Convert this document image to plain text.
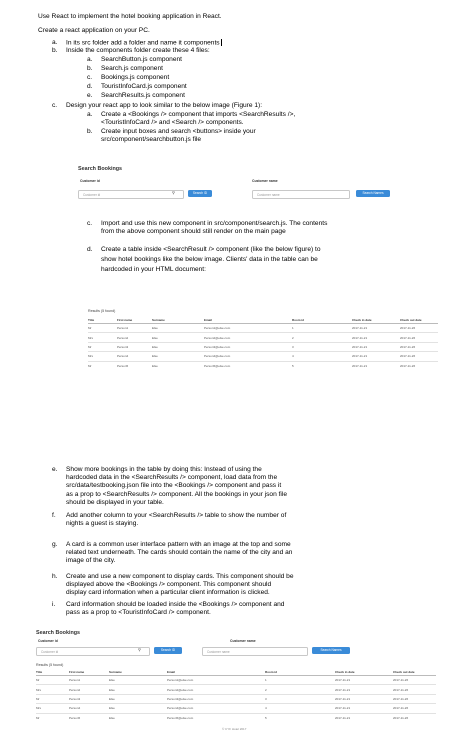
Use React to implement the hotel booking application in React.
Create a react application on your PC.
a. In its src folder add a folder and name it components
b. Inside the components folder create these 4 files:
a. SearchButton.js component
b. Search.js component
c. Bookings.js component
d. TouristInfoCard.js component
e. SearchResults.js component
c. Design your react app to look similar to the below image (Figure 1):
a. Create a <Bookings /> component that imports <SearchResults />,
<TouristInfoCard /> and <Search /> components.
b. Create input boxes and search <buttons> inside your
src/component/searchbutton.js file
Search Bookings
Customer id	Customer name
Customer id	⚲	Search ID	Customer name	Search Names
c. Import and use this new component in src/component/search.js. The contents
from the above component should still render on the main page
d. Create a table inside <SearchResult /> component (like the below figure) to
show hotel bookings like the below image. Clients' data in the table can be
hardcoded in your HTML document:
Results (5 found)
Title	First name	Surname	Email	Room id	Check in date	Check out date
Mr	Person1	Else	Person1@else.com	1	2017-11-21	2017-11-26
Mrs	Person2	Else	Person2@else.com	2	2017-11-21	2017-11-26
Mr	Person3	Else	Person3@else.com	3	2017-11-21	2017-11-26
Mrs	Person4	Else	Person4@else.com	4	2017-11-21	2017-11-26
Mr	Person5	Else	Person5@else.com	5	2017-11-21	2017-11-26
e. Show more bookings in the table by doing this: Instead of using the
hardcoded data in the <SearchResults /> component, load data from the
src/data/testbooking.json file into the <Bookings /> component and pass it
as a prop to <SearchResults /> component. All the bookings in your json file
should be displayed in your table.
f. Add another column to your <SearchResults /> table to show the number of
nights a guest is staying.
g. A card is a common user interface pattern with an image at the top and some
related text underneath. The cards should contain the name of the city and an
image of the city.
h. Create and use a new component to display cards. This component should be
displayed above the <Bookings /> component. This component should
display card information when a particular client information is clicked.
i. Card information should be loaded inside the <Bookings /> component and
pass as a prop to <TouristInfoCard /> component.
Search Bookings
Customer id	Customer name
Customer id	⚲	Search ID	Customer name	Search Names
Results (5 found)
Title	First name	Surname	Email	Room id	Check in date	Check out date
Mr	Person1	Else	Person1@else.com	1	2017-11-21	2017-11-26
Mrs	Person2	Else	Person2@else.com	2	2017-11-21	2017-11-26
Mr	Person3	Else	Person3@else.com	3	2017-11-21	2017-11-26
Mrs	Person4	Else	Person4@else.com	4	2017-11-21	2017-11-26
Mr	Person5	Else	Person5@else.com	5	2017-11-21	2017-11-26
© CYF Hotel 2017
